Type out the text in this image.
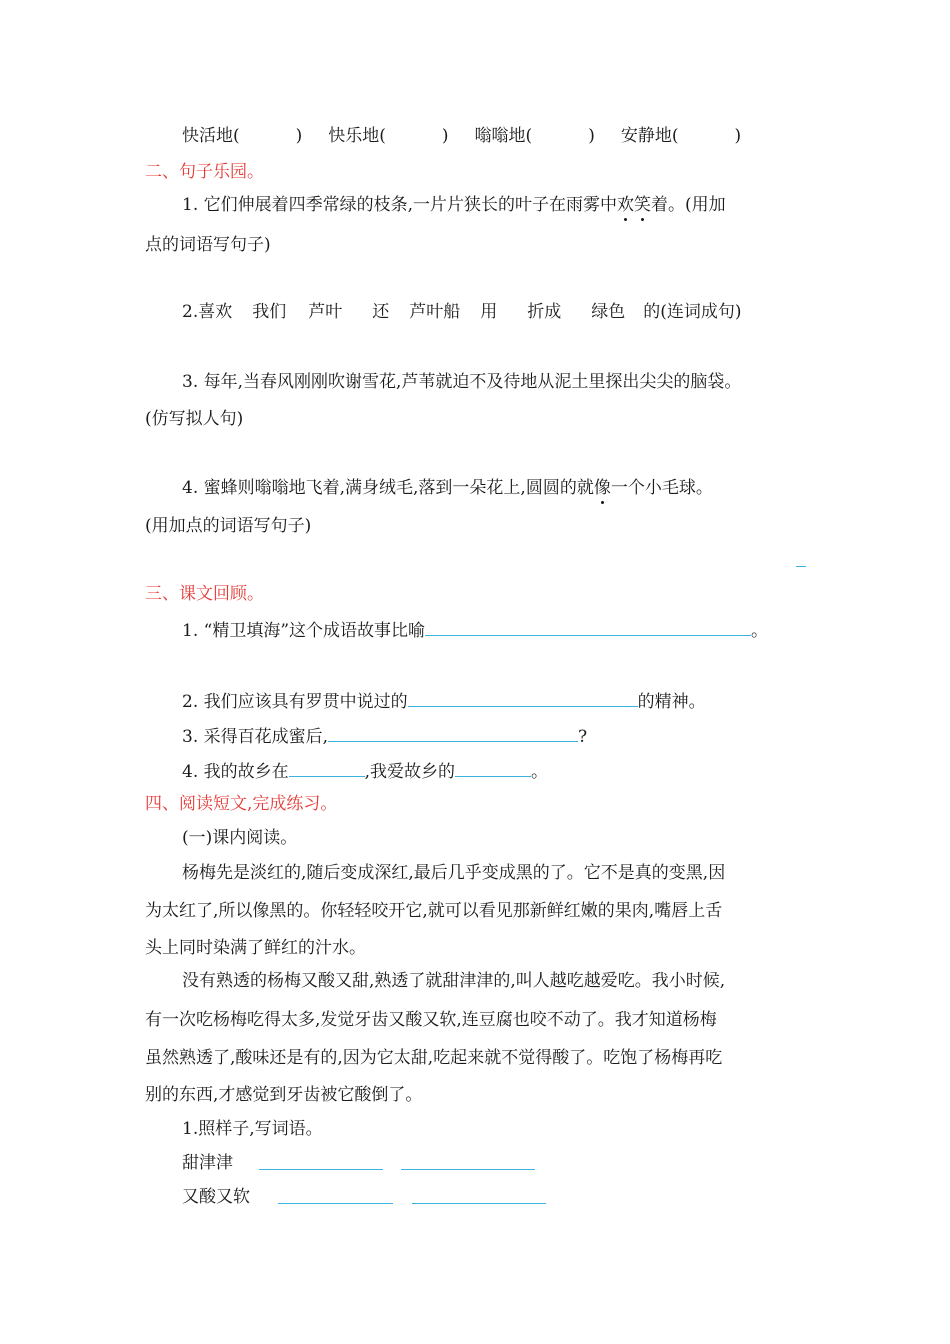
快活地(	) 快乐地(	) 嗡嗡地(	) 安静地(	)
二、句子乐园。
1. 它们伸展着四季常绿的枝条,一片片狭长的叶子在雨雾中欢笑着。(用加
点的词语写句子)
2.喜欢 我们 芦叶 还 芦叶船 用 折成 绿色 的(连词成句)
3. 每年,当春风刚刚吹谢雪花,芦苇就迫不及待地从泥土里探出尖尖的脑袋。
(仿写拟人句)
4. 蜜蜂则嗡嗡地飞着,满身绒毛,落到一朵花上,圆圆的就像一个小毛球。
(用加点的词语写句子)
三、课文回顾。
1. “精卫填海”这个成语故事比喻	。
2. 我们应该具有罗贯中说过的	的精神。
3. 采得百花成蜜后,	?
4. 我的故乡在	,我爱故乡的	。
四、阅读短文,完成练习。
(一)课内阅读。
杨梅先是淡红的,随后变成深红,最后几乎变成黑的了。它不是真的变黑,因
为太红了,所以像黑的。你轻轻咬开它,就可以看见那新鲜红嫩的果肉,嘴唇上舌
头上同时染满了鲜红的汁水。
没有熟透的杨梅又酸又甜,熟透了就甜津津的,叫人越吃越爱吃。我小时候,
有一次吃杨梅吃得太多,发觉牙齿又酸又软,连豆腐也咬不动了。我才知道杨梅
虽然熟透了,酸味还是有的,因为它太甜,吃起来就不觉得酸了。吃饱了杨梅再吃
别的东西,才感觉到牙齿被它酸倒了。
1.照样子,写词语。
甜津津
又酸又软
